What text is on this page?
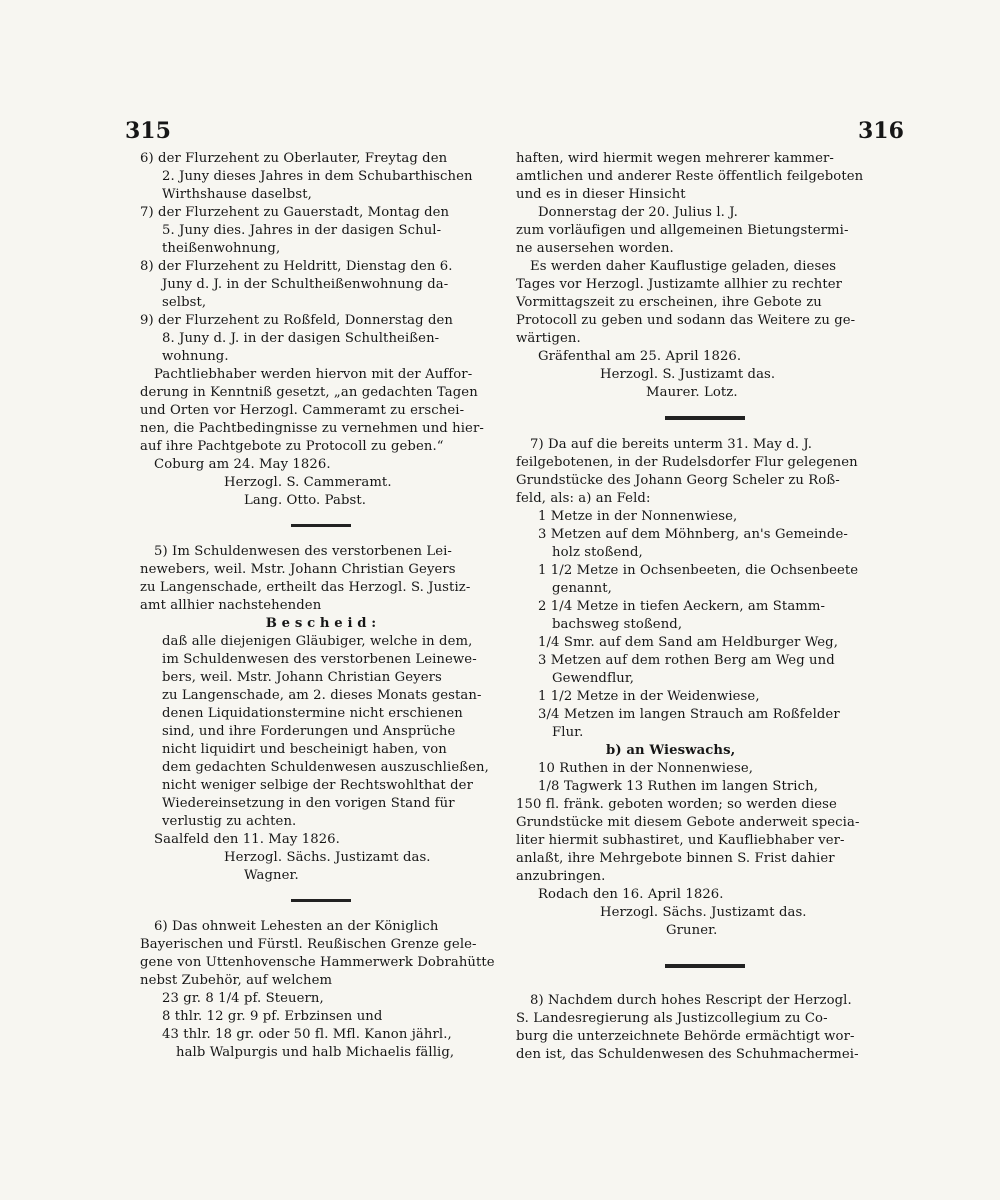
315	316
6) der Flurzehent zu Oberlauter, Freytag den
2. Juny dieses Jahres in dem Schubarthischen
Wirthshause daselbst,
7) der Flurzehent zu Gauerstadt, Montag den
5. Juny dies. Jahres in der dasigen Schul-
theißenwohnung,
8) der Flurzehent zu Heldritt, Dienstag den 6.
Juny d. J. in der Schultheißenwohnung da-
selbst,
9) der Flurzehent zu Roßfeld, Donnerstag den
8. Juny d. J. in der dasigen Schultheißen-
wohnung.
Pachtliebhaber werden hiervon mit der Auffor-
derung in Kenntniß gesetzt, „an gedachten Tagen
und Orten vor Herzogl. Cammeramt zu erschei-
nen, die Pachtbedingnisse zu vernehmen und hier-
auf ihre Pachtgebote zu Protocoll zu geben.“
Coburg am 24. May 1826.
Herzogl. S. Cammeramt.
Lang. Otto. Pabst.
5) Im Schuldenwesen des verstorbenen Lei-
newebers, weil. Mstr. Johann Christian Geyers
zu Langenschade, ertheilt das Herzogl. S. Justiz-
amt allhier nachstehenden
B e s c h e i d :
daß alle diejenigen Gläubiger, welche in dem,
im Schuldenwesen des verstorbenen Leinewe-
bers, weil. Mstr. Johann Christian Geyers
zu Langenschade, am 2. dieses Monats gestan-
denen Liquidationstermine nicht erschienen
sind, und ihre Forderungen und Ansprüche
nicht liquidirt und bescheinigt haben, von
dem gedachten Schuldenwesen auszuschließen,
nicht weniger selbige der Rechtswohlthat der
Wiedereinsetzung in den vorigen Stand für
verlustig zu achten.
Saalfeld den 11. May 1826.
Herzogl. Sächs. Justizamt das.
Wagner.
6) Das ohnweit Lehesten an der Königlich
Bayerischen und Fürstl. Reußischen Grenze gele-
gene von Uttenhovensche Hammerwerk Dobrahütte
nebst Zubehör, auf welchem
23 gr. 8 1/4 pf. Steuern,
8 thlr. 12 gr. 9 pf. Erbzinsen und
43 thlr. 18 gr. oder 50 fl. Mfl. Kanon jährl.,
halb Walpurgis und halb Michaelis fällig,
haften, wird hiermit wegen mehrerer kammer-
amtlichen und anderer Reste öffentlich feilgeboten
und es in dieser Hinsicht
Donnerstag der 20. Julius l. J.
zum vorläufigen und allgemeinen Bietungstermi-
ne ausersehen worden.
Es werden daher Kauflustige geladen, dieses
Tages vor Herzogl. Justizamte allhier zu rechter
Vormittagszeit zu erscheinen, ihre Gebote zu
Protocoll zu geben und sodann das Weitere zu ge-
wärtigen.
Gräfenthal am 25. April 1826.
Herzogl. S. Justizamt das.
Maurer. Lotz.
7) Da auf die bereits unterm 31. May d. J.
feilgebotenen, in der Rudelsdorfer Flur gelegenen
Grundstücke des Johann Georg Scheler zu Roß-
feld, als: a) an Feld:
1 Metze in der Nonnenwiese,
3 Metzen auf dem Möhnberg, an's Gemeinde-
holz stoßend,
1 1/2 Metze in Ochsenbeeten, die Ochsenbeete
genannt,
2 1/4 Metze in tiefen Aeckern, am Stamm-
bachsweg stoßend,
1/4 Smr. auf dem Sand am Heldburger Weg,
3 Metzen auf dem rothen Berg am Weg und
Gewendflur,
1 1/2 Metze in der Weidenwiese,
3/4 Metzen im langen Strauch am Roßfelder
Flur.
b) an Wieswachs,
10 Ruthen in der Nonnenwiese,
1/8 Tagwerk 13 Ruthen im langen Strich,
150 fl. fränk. geboten worden; so werden diese
Grundstücke mit diesem Gebote anderweit specia-
liter hiermit subhastiret, und Kaufliebhaber ver-
anlaßt, ihre Mehrgebote binnen S. Frist dahier
anzubringen.
Rodach den 16. April 1826.
Herzogl. Sächs. Justizamt das.
Gruner.
8) Nachdem durch hohes Rescript der Herzogl.
S. Landesregierung als Justizcollegium zu Co-
burg die unterzeichnete Behörde ermächtigt wor-
den ist, das Schuldenwesen des Schuhmachermei-
